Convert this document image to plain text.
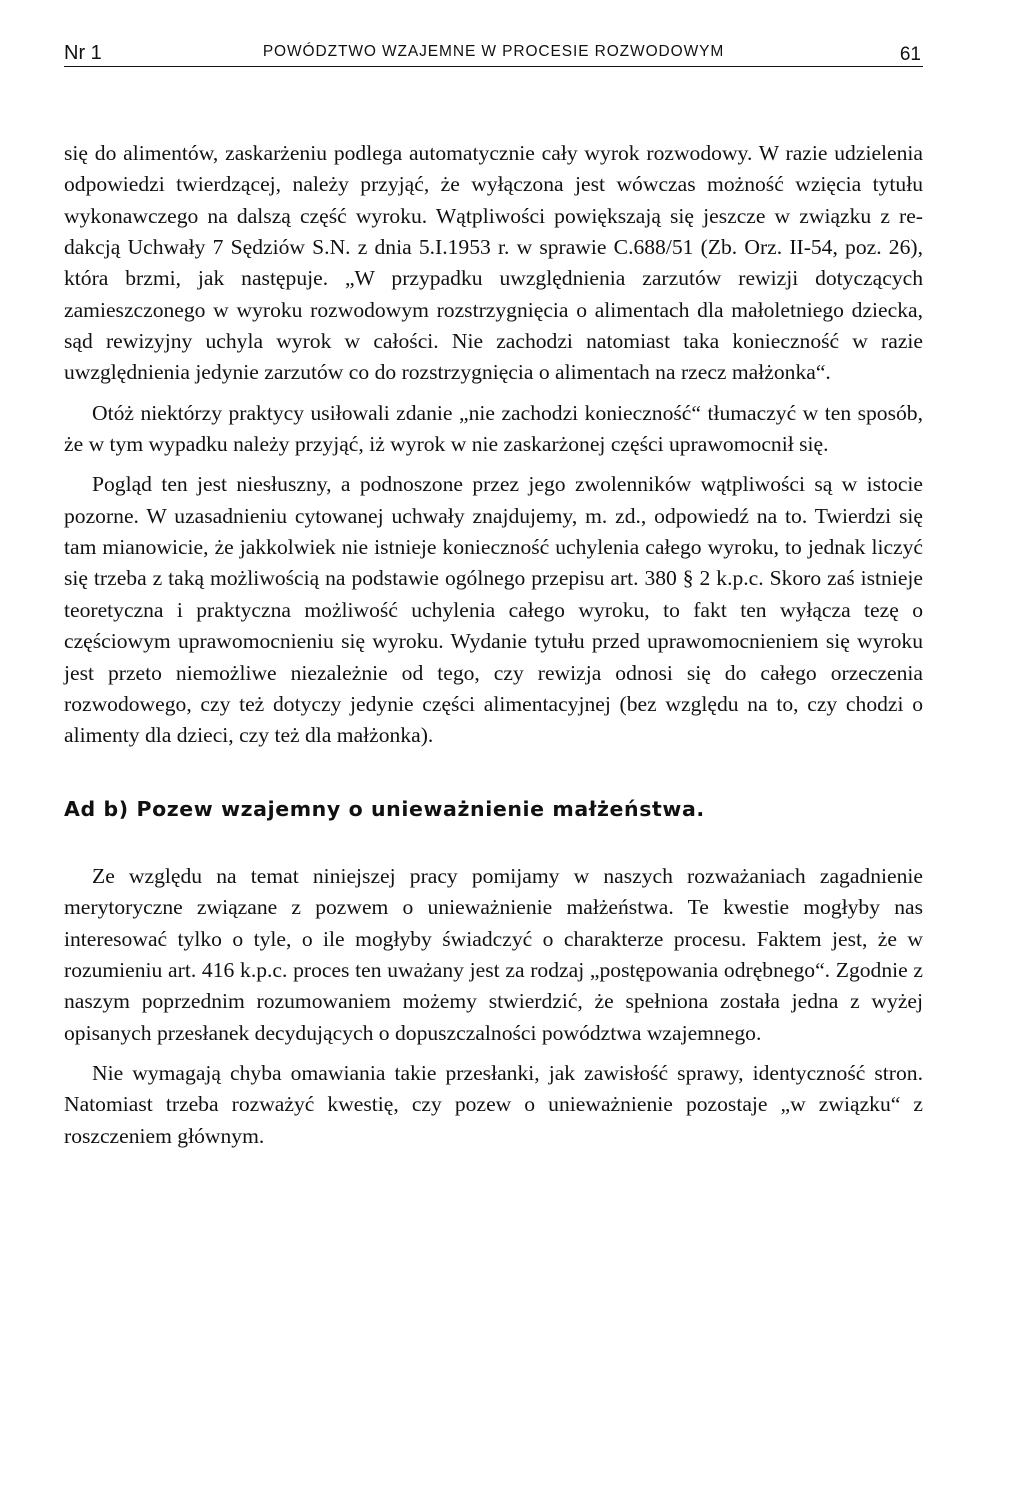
Nr 1	POWÓDZTWO WZAJEMNE W PROCESIE ROZWODOWYM	61

się do alimentów, zaskarżeniu podlega automatycznie cały wyrok rozwodowy. W razie udzielenia odpowiedzi twierdzącej, należy przyjąć, że wyłączona jest wówczas możność wzięcia tytułu wykonawczego na dalszą część wyroku. Wątpliwości powiększają się jeszcze w związku z redakcją Uchwały 7 Sędziów S.N. z dnia 5.I.1953 r. w sprawie C.688/51 (Zb. Orz. II-54, poz. 26), która brzmi, jak następuje. „W przypadku uwzględnienia zarzutów rewizji dotyczących zamieszczonego w wyroku rozwodowym rozstrzygnięcia o alimentach dla małoletniego dziecka, sąd rewizyjny uchyla wyrok w całości. Nie zachodzi natomiast taka konieczność w razie uwzględnienia jedynie zarzutów co do rozstrzygnięcia o alimentach na rzecz małżonka“.

Otóż niektórzy praktycy usiłowali zdanie „nie zachodzi konieczność“ tłumaczyć w ten sposób, że w tym wypadku należy przyjąć, iż wyrok w nie zaskarżonej części uprawomocnił się.

Pogląd ten jest niesłuszny, a podnoszone przez jego zwolenników wątpliwości są w istocie pozorne. W uzasadnieniu cytowanej uchwały znajdujemy, m. zd., odpowiedź na to. Twierdzi się tam mianowicie, że jakkolwiek nie istnieje konieczność uchylenia całego wyroku, to jednak liczyć się trzeba z taką możliwością na podstawie ogólnego przepisu art. 380 § 2 k.p.c. Skoro zaś istnieje teoretyczna i praktyczna możliwość uchylenia całego wyroku, to fakt ten wyłącza tezę o częściowym uprawomocnieniu się wyroku. Wydanie tytułu przed uprawomocnieniem się wyroku jest przeto niemożliwe niezależnie od tego, czy rewizja odnosi się do całego orzeczenia rozwodowego, czy też dotyczy jedynie części alimentacyjnej (bez względu na to, czy chodzi o alimenty dla dzieci, czy też dla małżonka).

Ad b) Pozew wzajemny o unieważnienie małżeństwa.

Ze względu na temat niniejszej pracy pomijamy w naszych rozważaniach zagadnienie merytoryczne związane z pozwem o unieważnienie małżeństwa. Te kwestie mogłyby nas interesować tylko o tyle, o ile mogłyby świadczyć o charakterze procesu. Faktem jest, że w rozumieniu art. 416 k.p.c. proces ten uważany jest za rodzaj „postępowania odrębnego“. Zgodnie z naszym poprzednim rozumowaniem możemy stwierdzić, że spełniona została jedna z wyżej opisanych przesłanek decydujących o dopuszczalności powództwa wzajemnego.

Nie wymagają chyba omawiania takie przesłanki, jak zawisłość sprawy, identyczność stron. Natomiast trzeba rozważyć kwestię, czy pozew o unieważnienie pozostaje „w związku“ z roszczeniem głównym.
